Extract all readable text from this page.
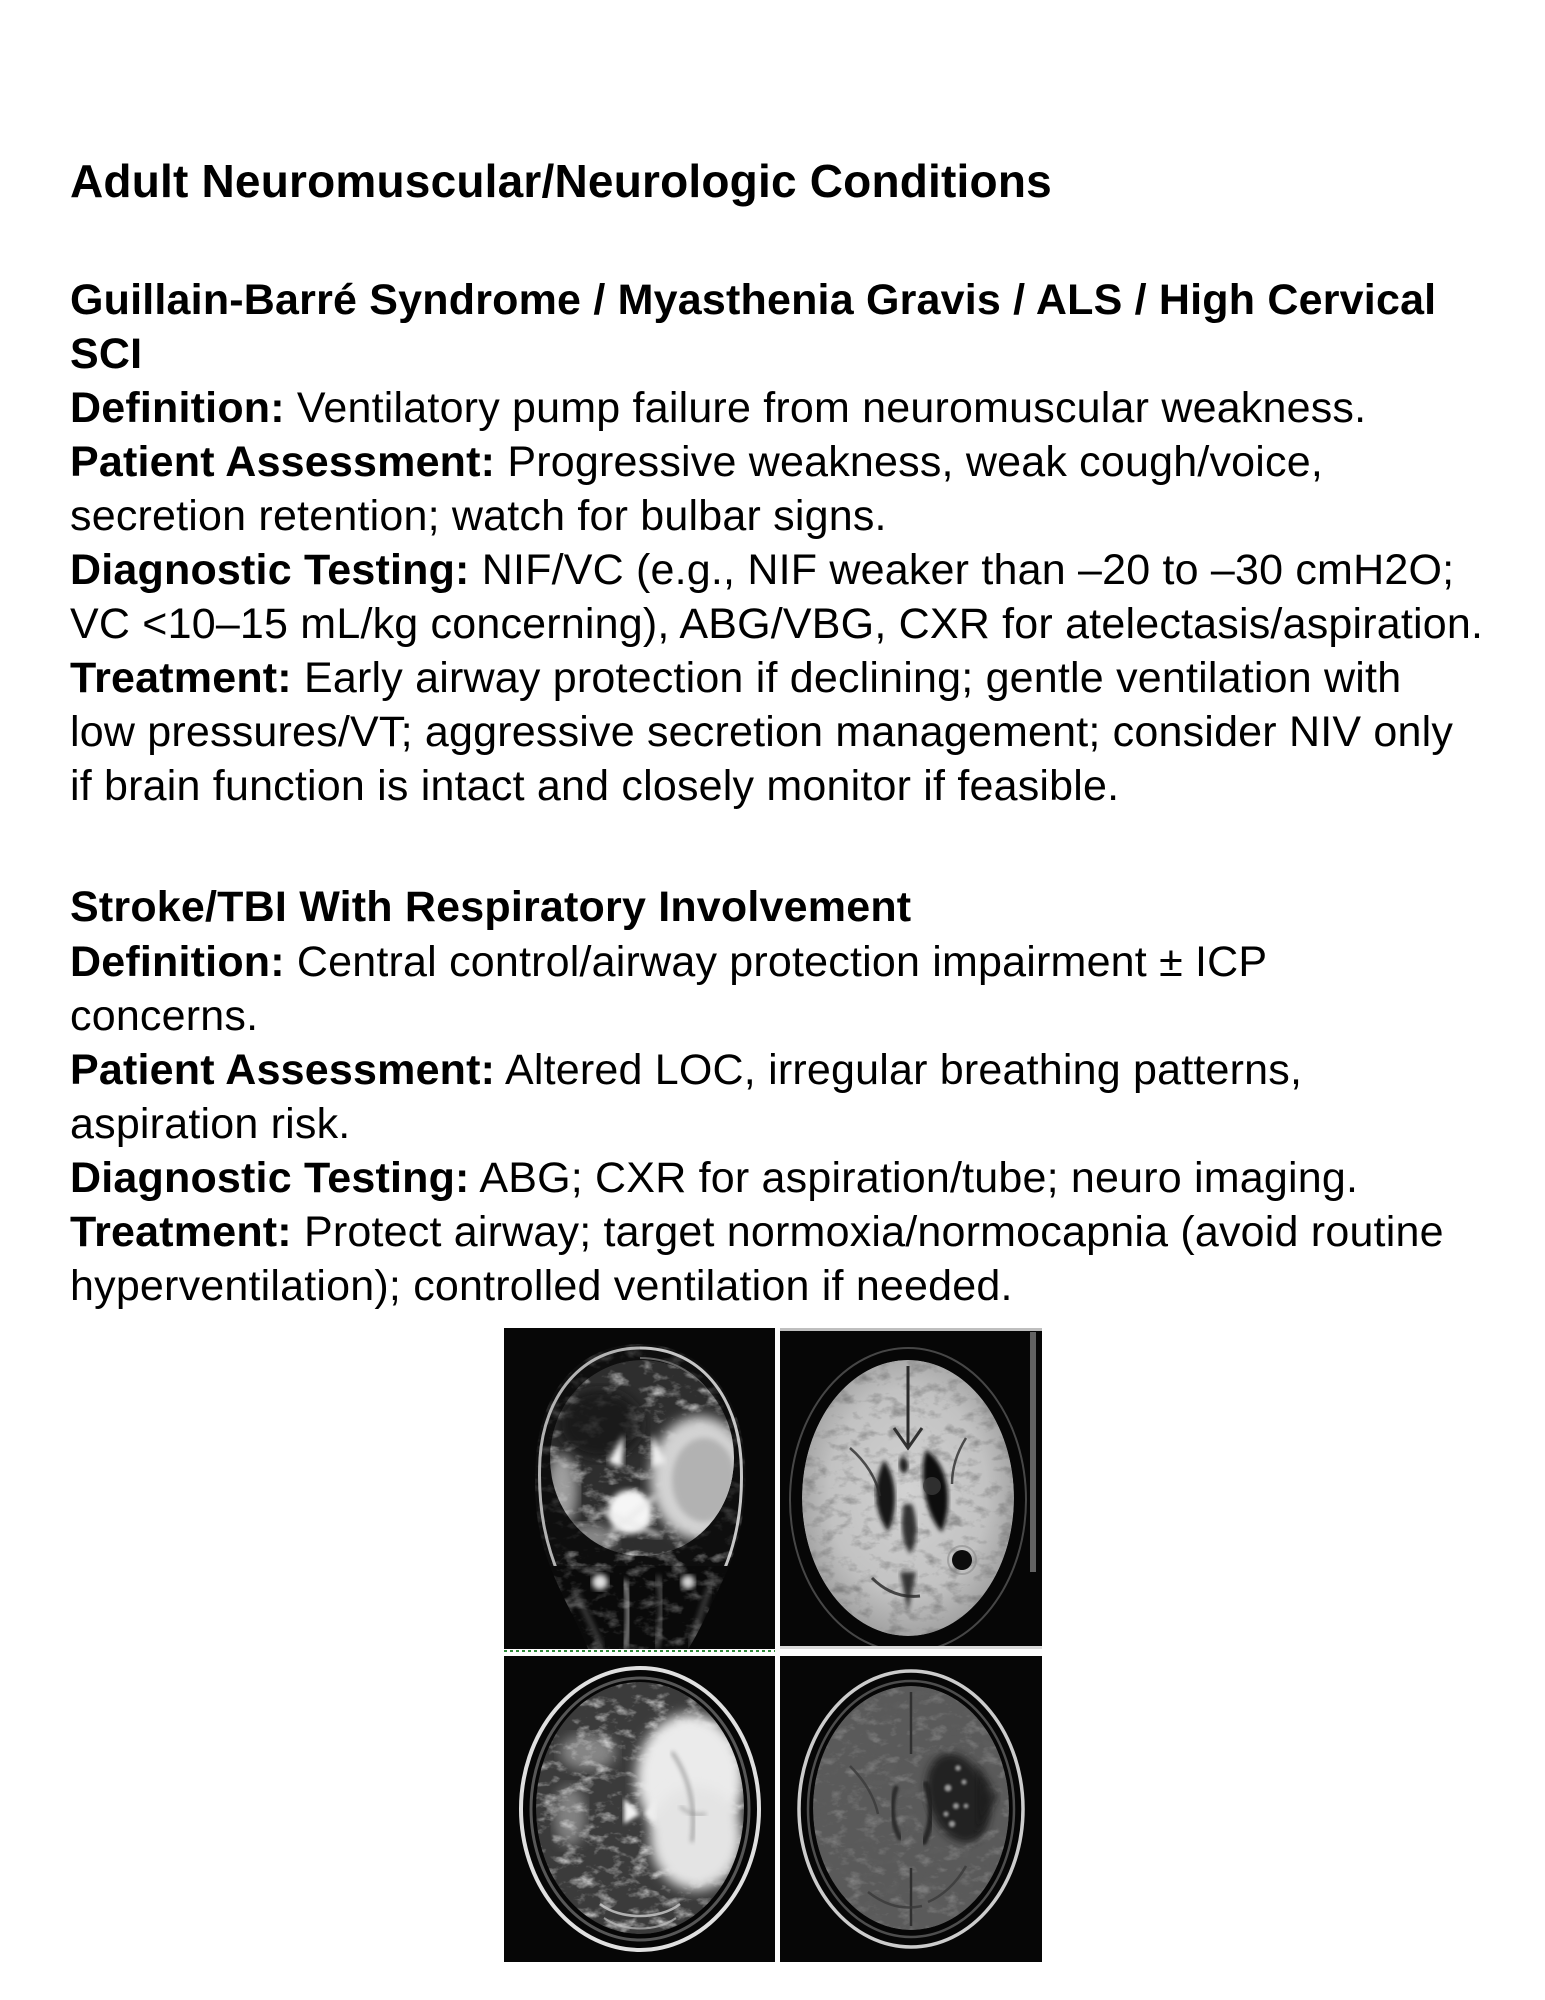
Adult Neuromuscular/Neurologic Conditions
Guillain-Barré Syndrome / Myasthenia Gravis / ALS / High Cervical
SCI

Definition: Ventilatory pump failure from neuromuscular weakness.

Patient Assessment: Progressive weakness, weak cough/voice,
secretion retention; watch for bulbar signs.

Diagnostic Testing: NIF/VC (e.g., NIF weaker than –20 to –30 cmH2O;
VC <10–15 mL/kg concerning), ABG/VBG, CXR for atelectasis/aspiration.

Treatment: Early airway protection if declining; gentle ventilation with
low pressures/VT; aggressive secretion management; consider NIV only
if brain function is intact and closely monitor if feasible.

Stroke/TBI With Respiratory Involvement

Definition: Central control/airway protection impairment ± ICP
concerns.

Patient Assessment: Altered LOC, irregular breathing patterns,
aspiration risk.

Diagnostic Testing: ABG; CXR for aspiration/tube; neuro imaging.

Treatment: Protect airway; target normoxia/normocapnia (avoid routine
hyperventilation); controlled ventilation if needed.
